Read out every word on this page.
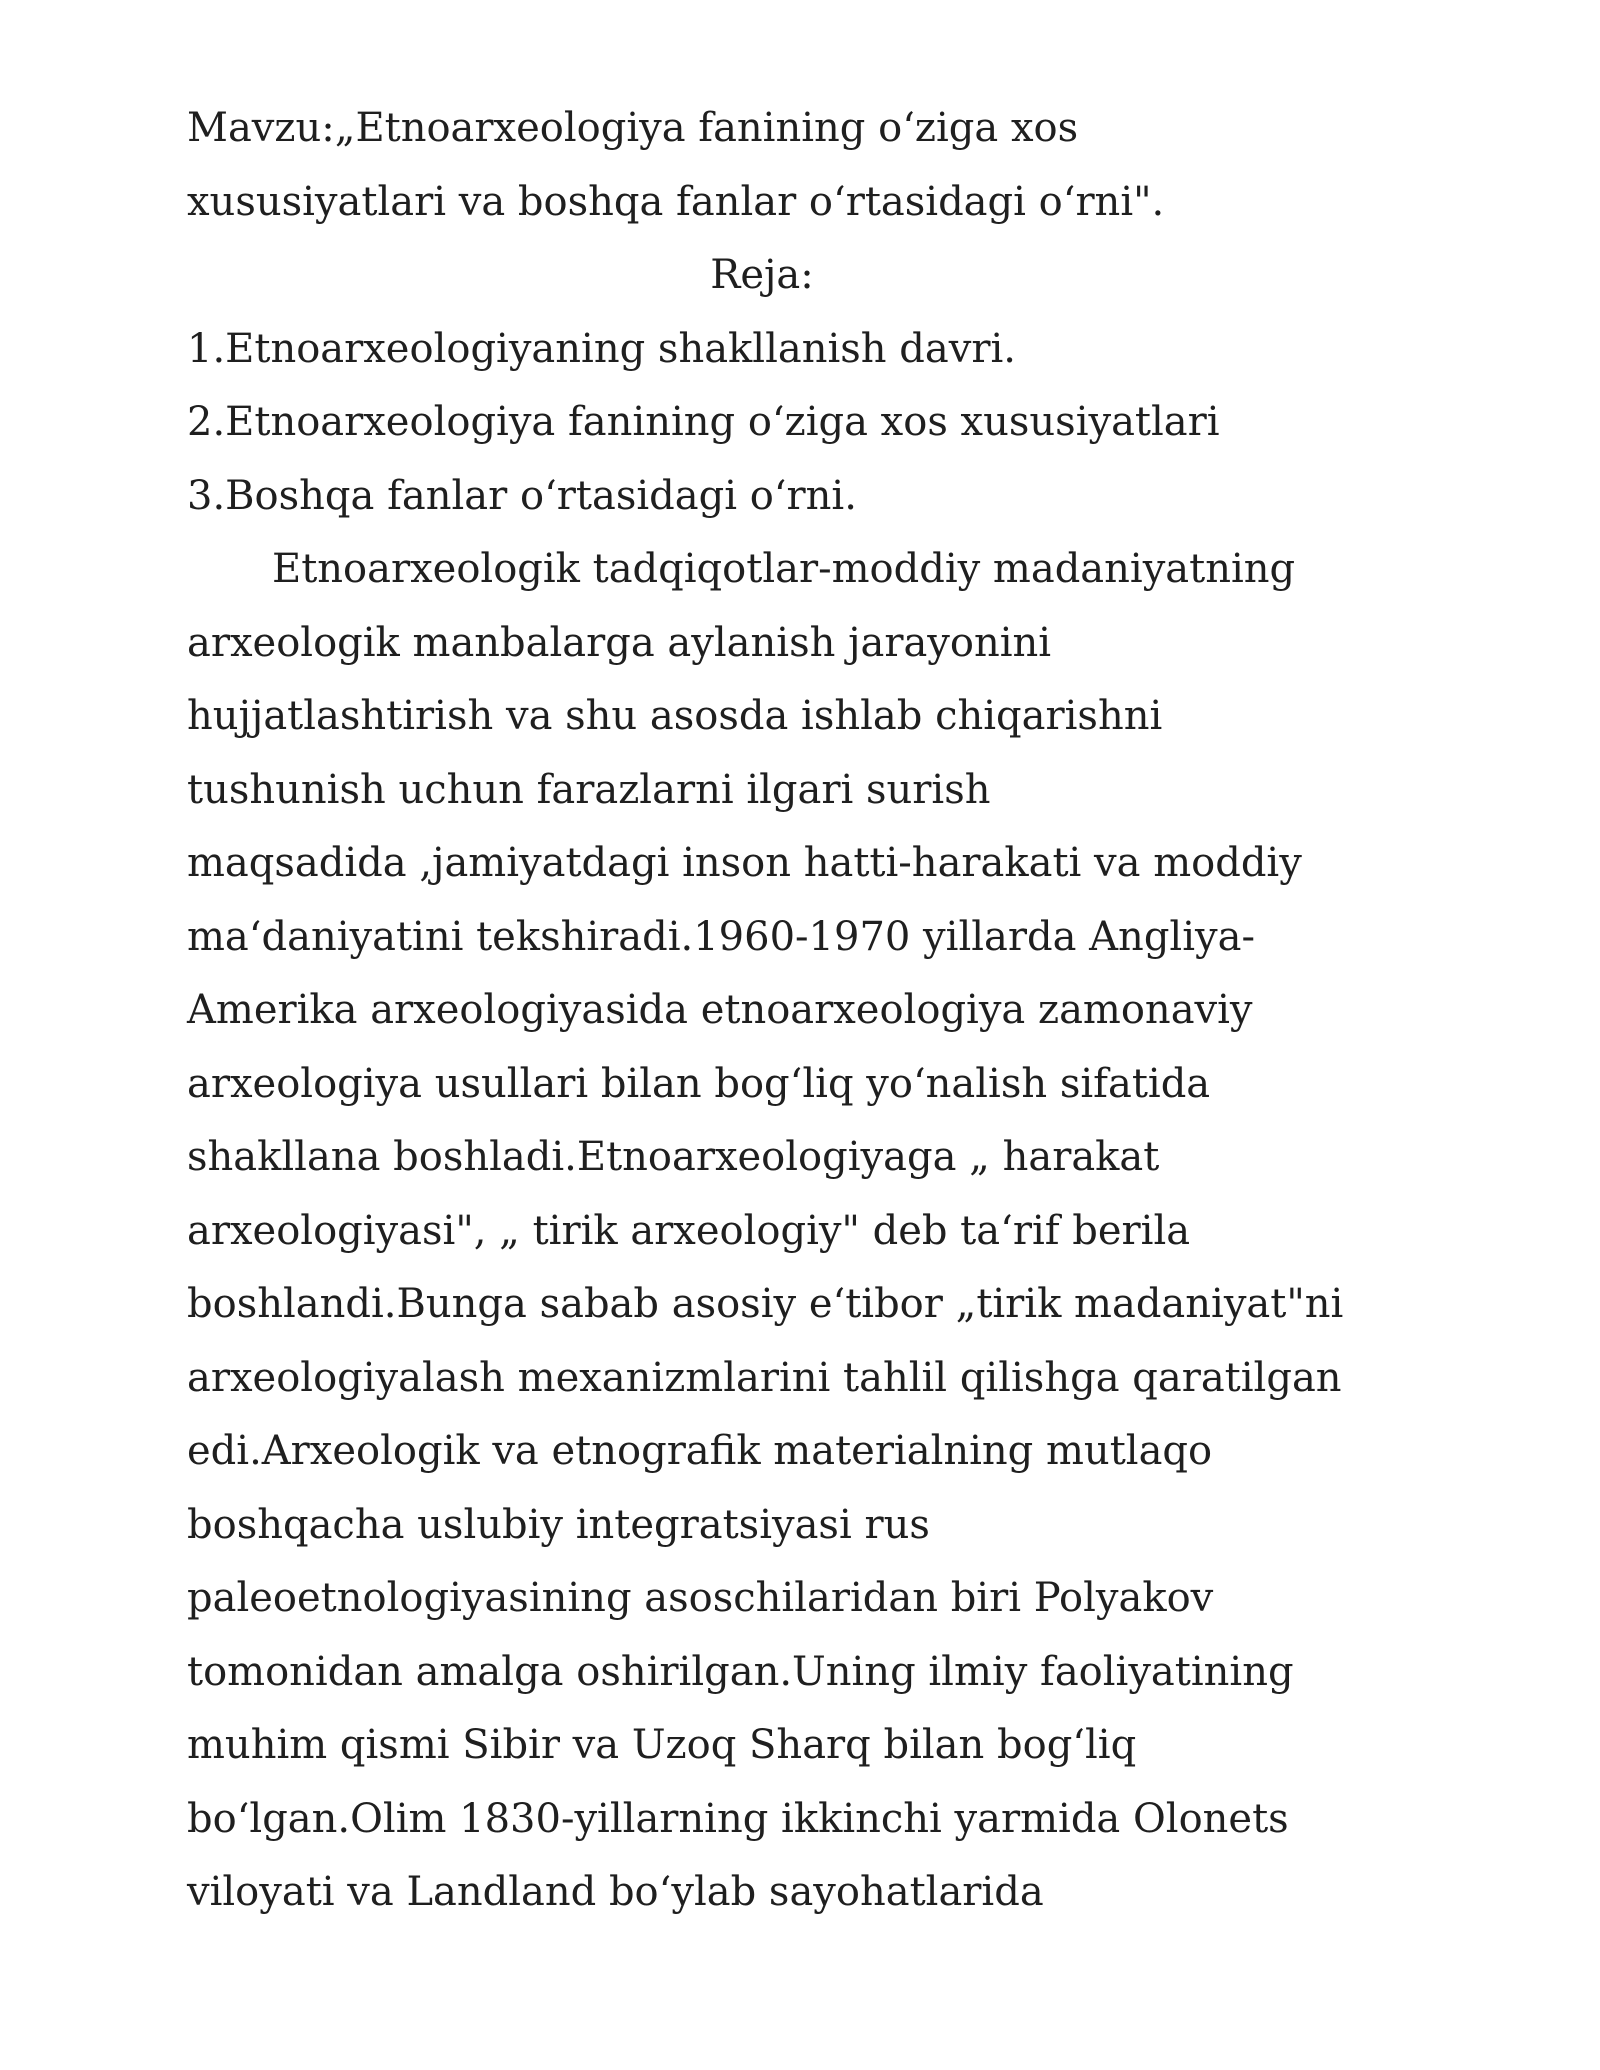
Mavzu:„Etnoarxeologiya fanining o‘ziga xos
xususiyatlari va boshqa fanlar o‘rtasidagi o‘rni".
Reja:
1.Etnoarxeologiyaning shakllanish davri.
2.Etnoarxeologiya fanining o‘ziga xos xususiyatlari
3.Boshqa fanlar o‘rtasidagi o‘rni.
Etnoarxeologik tadqiqotlar-moddiy madaniyatning
arxeologik manbalarga aylanish jarayonini
hujjatlashtirish va shu asosda ishlab chiqarishni
tushunish uchun farazlarni ilgari surish
maqsadida ,jamiyatdagi inson hatti-harakati va moddiy
ma‘daniyatini tekshiradi.1960-1970 yillarda Angliya-
Amerika arxeologiyasida etnoarxeologiya zamonaviy
arxeologiya usullari bilan bog‘liq yo‘nalish sifatida
shakllana boshladi.Etnoarxeologiyaga „ harakat
arxeologiyasi", „ tirik arxeologiy" deb ta‘rif berila
boshlandi.Bunga sabab asosiy e‘tibor „tirik madaniyat"ni
arxeologiyalash mexanizmlarini tahlil qilishga qaratilgan
edi.Arxeologik va etnografik materialning mutlaqo
boshqacha uslubiy integratsiyasi rus
paleoetnologiyasining asoschilaridan biri Polyakov
tomonidan amalga oshirilgan.Uning ilmiy faoliyatining
muhim qismi Sibir va Uzoq Sharq bilan bog‘liq
bo‘lgan.Olim 1830-yillarning ikkinchi yarmida Olonets
viloyati va Landland bo‘ylab sayohatlarida
